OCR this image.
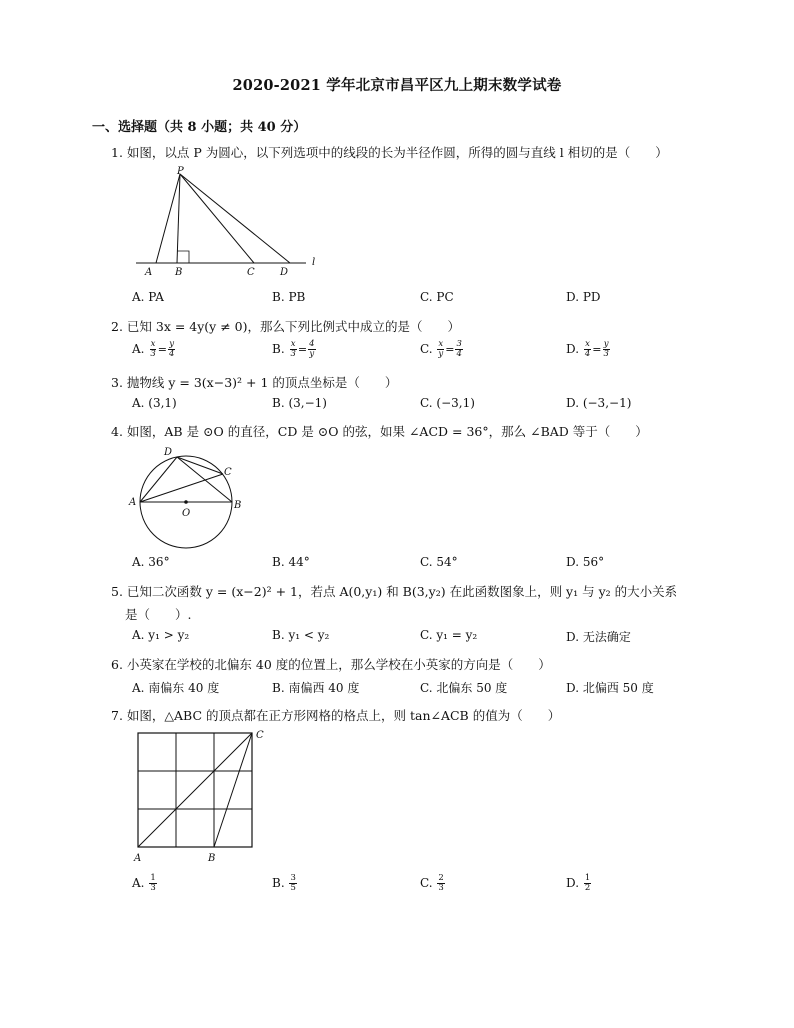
2020-2021 学年北京市昌平区九上期末数学试卷
一、选择题（共 8 小题；共 40 分）
1. 如图，以点 P 为圆心，以下列选项中的线段的长为半径作圆，所得的圆与直线 l 相切的是（　　）
P
A B	C	D
l
A. PA	B. PB	C. PC	D. PD
2. 已知 3x = 4y(y ≠ 0)，那么下列比例式中成立的是（　　）
A. $\frac{x}{3} = \frac{y}{4}$	B. $\frac{x}{3} = \frac{4}{y}$	C. $\frac{x}{y} = \frac{3}{4}$	D. $\frac{x}{4} = \frac{y}{3}$
3. 抛物线 y = 3(x−3)² + 1 的顶点坐标是（　　）
A. (3,1)	B. (3,−1)	C. (−3,1)	D. (−3,−1)
4. 如图，AB 是 ⊙O 的直径，CD 是 ⊙O 的弦，如果 ∠ACD = 36°，那么 ∠BAD 等于（　　）
A	B
C
D
O
A. 36°	B. 44°	C. 54°	D. 56°
5. 已知二次函数 y = (x−2)² + 1，若点 A(0,y₁) 和 B(3,y₂) 在此函数图象上，则 y₁ 与 y₂ 的大小关系
是（　　）.
A. y₁ > y₂	B. y₁ < y₂	C. y₁ = y₂	D. 无法确定
6. 小英家在学校的北偏东 40 度的位置上，那么学校在小英家的方向是（　　）
A. 南偏东 40 度	B. 南偏西 40 度	C. 北偏东 50 度	D. 北偏西 50 度
7. 如图，△ABC 的顶点都在正方形网格的格点上，则 tan∠ACB 的值为（　　）
A	B
C
A. $\frac{1}{3}$	B. $\frac{3}{5}$	C. $\frac{2}{3}$	D. $\frac{1}{2}$
